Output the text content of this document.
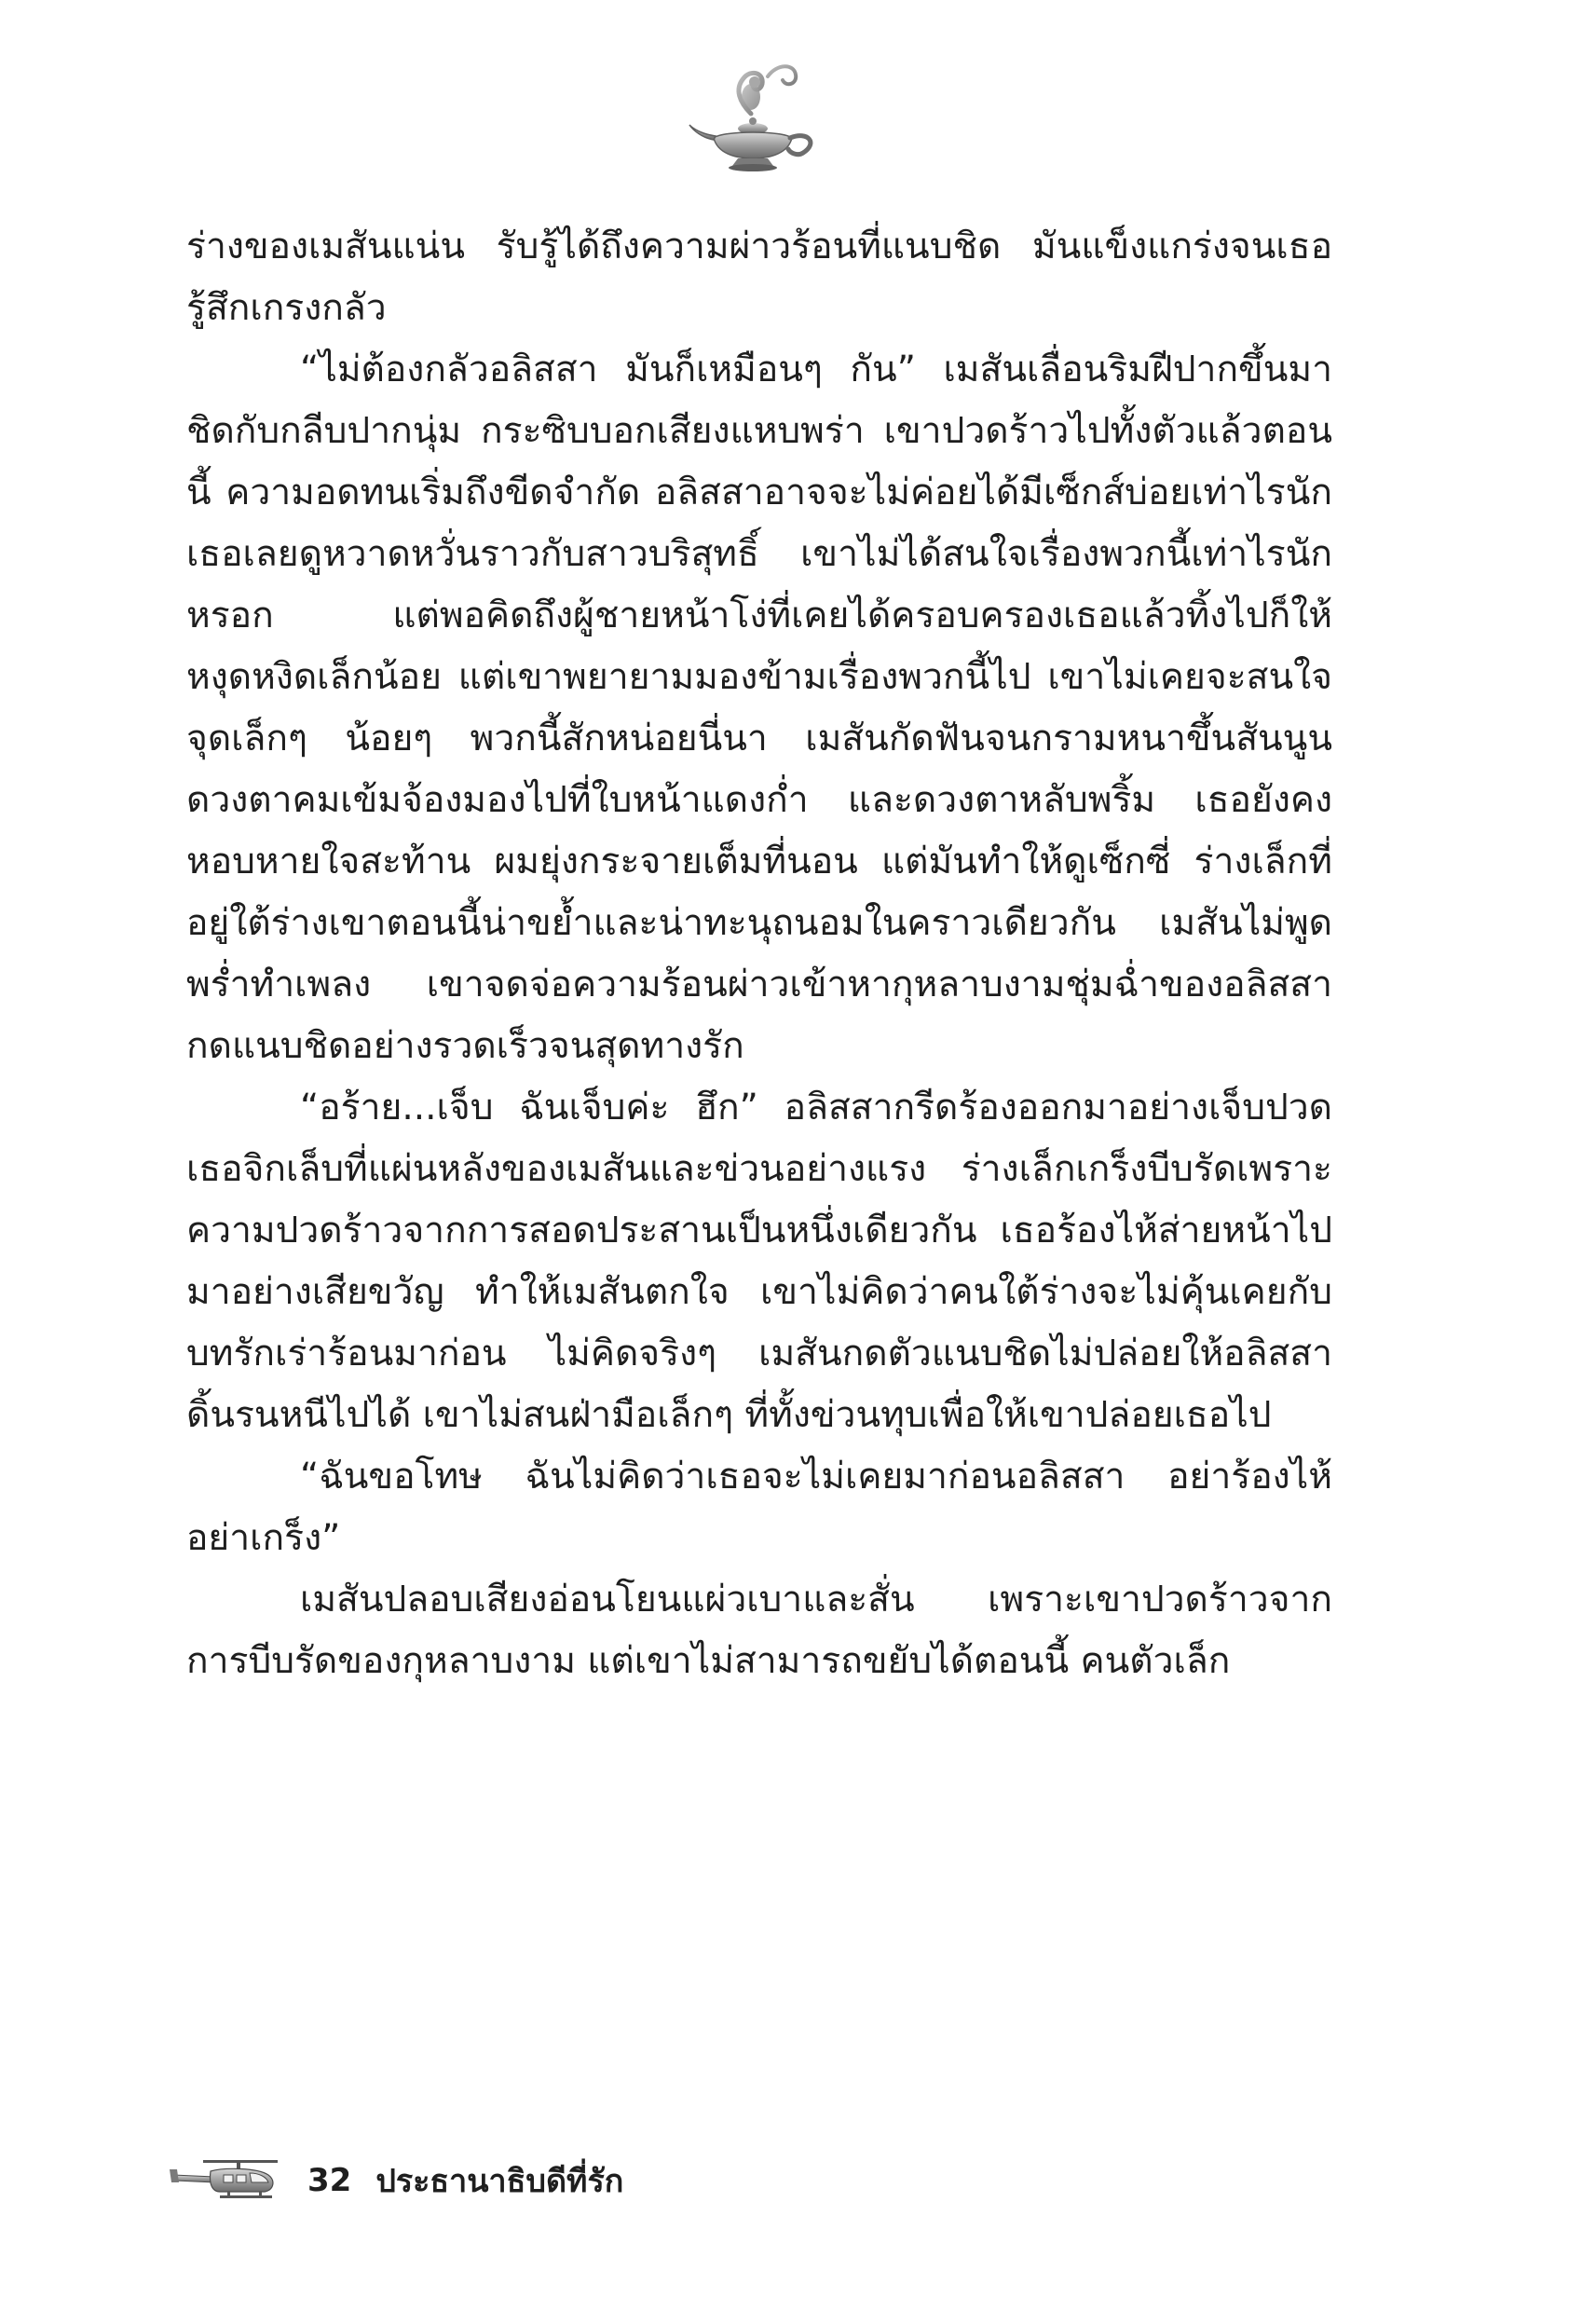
ร่างของเมสันแน่น รับรู้ได้ถึงความผ่าวร้อนที่แนบชิด มันแข็งแกร่งจนเธอรู้สึกเกรงกลัว

“ไม่ต้องกลัวอลิสสา มันก็เหมือนๆ กัน” เมสันเลื่อนริมฝีปากขึ้นมาชิดกับกลีบปากนุ่ม กระซิบบอกเสียงแหบพร่า เขาปวดร้าวไปทั้งตัวแล้วตอนนี้ ความอดทนเริ่มถึงขีดจำกัด อลิสสาอาจจะไม่ค่อยได้มีเซ็กส์บ่อยเท่าไรนัก เธอเลยดูหวาดหวั่นราวกับสาวบริสุทธิ์ เขาไม่ได้สนใจเรื่องพวกนี้เท่าไรนักหรอก แต่พอคิดถึงผู้ชายหน้าโง่ที่เคยได้ครอบครองเธอแล้วทิ้งไปก็ให้หงุดหงิดเล็กน้อย แต่เขาพยายามมองข้ามเรื่องพวกนี้ไป เขาไม่เคยจะสนใจจุดเล็กๆ น้อยๆ พวกนี้สักหน่อยนี่นา เมสันกัดฟันจนกรามหนาขึ้นสันนูน ดวงตาคมเข้มจ้องมองไปที่ใบหน้าแดงก่ำ และดวงตาหลับพริ้ม เธอยังคงหอบหายใจสะท้าน ผมยุ่งกระจายเต็มที่นอน แต่มันทำให้ดูเซ็กซี่ ร่างเล็กที่อยู่ใต้ร่างเขาตอนนี้น่าขย้ำและน่าทะนุถนอมในคราวเดียวกัน เมสันไม่พูดพร่ำทำเพลง เขาจดจ่อความร้อนผ่าวเข้าหากุหลาบงามชุ่มฉ่ำของอลิสสา กดแนบชิดอย่างรวดเร็วจนสุดทางรัก

“อร้าย...เจ็บ ฉันเจ็บค่ะ ฮึก” อลิสสากรีดร้องออกมาอย่างเจ็บปวด เธอจิกเล็บที่แผ่นหลังของเมสันและข่วนอย่างแรง ร่างเล็กเกร็งบีบรัดเพราะความปวดร้าวจากการสอดประสานเป็นหนึ่งเดียวกัน เธอร้องไห้ส่ายหน้าไปมาอย่างเสียขวัญ ทำให้เมสันตกใจ เขาไม่คิดว่าคนใต้ร่างจะไม่คุ้นเคยกับบทรักเร่าร้อนมาก่อน ไม่คิดจริงๆ เมสันกดตัวแนบชิดไม่ปล่อยให้อลิสสาดิ้นรนหนีไปได้ เขาไม่สนฝ่ามือเล็กๆ ที่ทั้งข่วนทุบเพื่อให้เขาปล่อยเธอไป

“ฉันขอโทษ ฉันไม่คิดว่าเธอจะไม่เคยมาก่อนอลิสสา อย่าร้องไห้อย่าเกร็ง”

เมสันปลอบเสียงอ่อนโยนแผ่วเบาและสั่น เพราะเขาปวดร้าวจากการบีบรัดของกุหลาบงาม แต่เขาไม่สามารถขยับได้ตอนนี้ คนตัวเล็ก

32 ประธานาธิบดีที่รัก
